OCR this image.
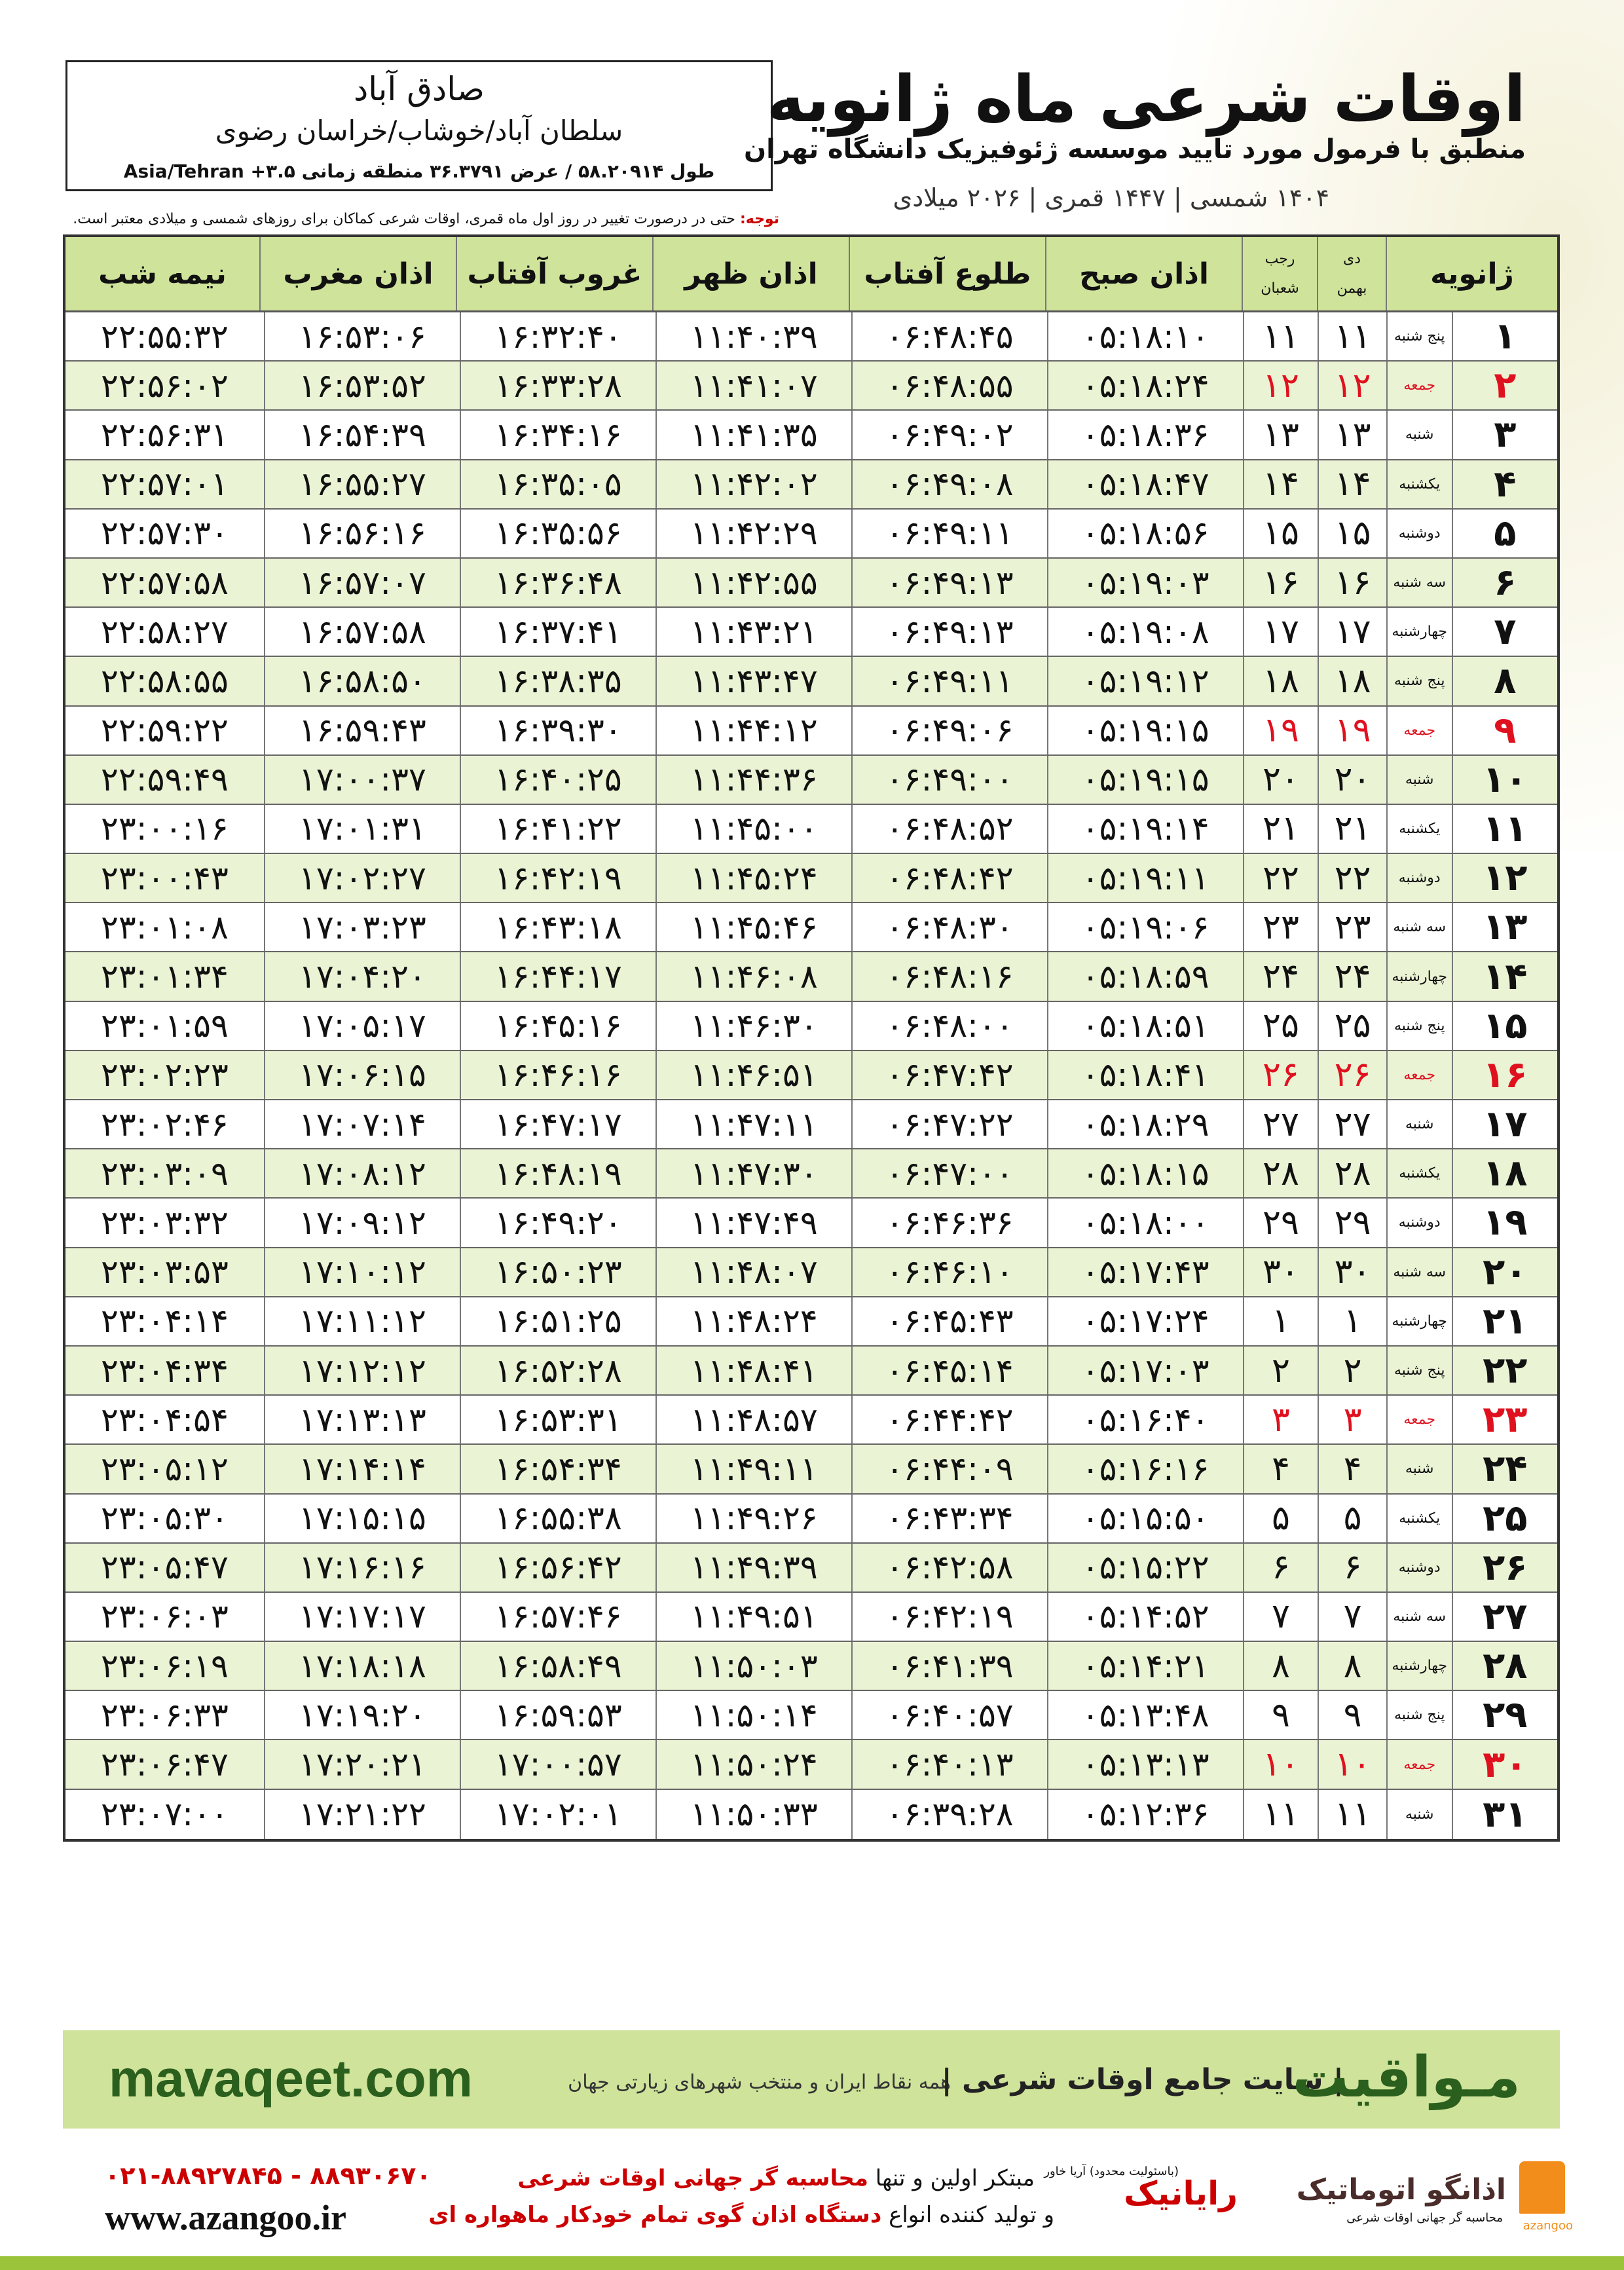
صادق آباد
سلطان آباد/خوشاب/خراسان رضوی
طول ۵۸.۲۰۹۱۴ / عرض ۳۶.۳۷۹۱ منطقه زمانی ۳.۵+ Asia/Tehran
اوقات شرعی ماه ژانویه
منطبق با فرمول مورد تایید موسسه ژئوفیزیک دانشگاه تهران
۱۴۰۴ شمسی | ۱۴۴۷ قمری | ۲۰۲۶ میلادی
توجه: حتی در درصورت تغییر در روز اول ماه قمری، اوقات شرعی کماکان برای روزهای شمسی و میلادی معتبر است.
ژانویه
دی
بهمن
رجب
شعبان
اذان صبح
طلوع آفتاب
اذان ظهر
غروب آفتاب
اذان مغرب
نیمه شب
۱
پنج شنبه
۱۱
۱۱
۰۵:۱۸:۱۰
۰۶:۴۸:۴۵
۱۱:۴۰:۳۹
۱۶:۳۲:۴۰
۱۶:۵۳:۰۶
۲۲:۵۵:۳۲
۲
جمعه
۱۲
۱۲
۰۵:۱۸:۲۴
۰۶:۴۸:۵۵
۱۱:۴۱:۰۷
۱۶:۳۳:۲۸
۱۶:۵۳:۵۲
۲۲:۵۶:۰۲
۳
شنبه
۱۳
۱۳
۰۵:۱۸:۳۶
۰۶:۴۹:۰۲
۱۱:۴۱:۳۵
۱۶:۳۴:۱۶
۱۶:۵۴:۳۹
۲۲:۵۶:۳۱
۴
یکشنبه
۱۴
۱۴
۰۵:۱۸:۴۷
۰۶:۴۹:۰۸
۱۱:۴۲:۰۲
۱۶:۳۵:۰۵
۱۶:۵۵:۲۷
۲۲:۵۷:۰۱
۵
دوشنبه
۱۵
۱۵
۰۵:۱۸:۵۶
۰۶:۴۹:۱۱
۱۱:۴۲:۲۹
۱۶:۳۵:۵۶
۱۶:۵۶:۱۶
۲۲:۵۷:۳۰
۶
سه شنبه
۱۶
۱۶
۰۵:۱۹:۰۳
۰۶:۴۹:۱۳
۱۱:۴۲:۵۵
۱۶:۳۶:۴۸
۱۶:۵۷:۰۷
۲۲:۵۷:۵۸
۷
چهارشنبه
۱۷
۱۷
۰۵:۱۹:۰۸
۰۶:۴۹:۱۳
۱۱:۴۳:۲۱
۱۶:۳۷:۴۱
۱۶:۵۷:۵۸
۲۲:۵۸:۲۷
۸
پنج شنبه
۱۸
۱۸
۰۵:۱۹:۱۲
۰۶:۴۹:۱۱
۱۱:۴۳:۴۷
۱۶:۳۸:۳۵
۱۶:۵۸:۵۰
۲۲:۵۸:۵۵
۹
جمعه
۱۹
۱۹
۰۵:۱۹:۱۵
۰۶:۴۹:۰۶
۱۱:۴۴:۱۲
۱۶:۳۹:۳۰
۱۶:۵۹:۴۳
۲۲:۵۹:۲۲
۱۰
شنبه
۲۰
۲۰
۰۵:۱۹:۱۵
۰۶:۴۹:۰۰
۱۱:۴۴:۳۶
۱۶:۴۰:۲۵
۱۷:۰۰:۳۷
۲۲:۵۹:۴۹
۱۱
یکشنبه
۲۱
۲۱
۰۵:۱۹:۱۴
۰۶:۴۸:۵۲
۱۱:۴۵:۰۰
۱۶:۴۱:۲۲
۱۷:۰۱:۳۱
۲۳:۰۰:۱۶
۱۲
دوشنبه
۲۲
۲۲
۰۵:۱۹:۱۱
۰۶:۴۸:۴۲
۱۱:۴۵:۲۴
۱۶:۴۲:۱۹
۱۷:۰۲:۲۷
۲۳:۰۰:۴۳
۱۳
سه شنبه
۲۳
۲۳
۰۵:۱۹:۰۶
۰۶:۴۸:۳۰
۱۱:۴۵:۴۶
۱۶:۴۳:۱۸
۱۷:۰۳:۲۳
۲۳:۰۱:۰۸
۱۴
چهارشنبه
۲۴
۲۴
۰۵:۱۸:۵۹
۰۶:۴۸:۱۶
۱۱:۴۶:۰۸
۱۶:۴۴:۱۷
۱۷:۰۴:۲۰
۲۳:۰۱:۳۴
۱۵
پنج شنبه
۲۵
۲۵
۰۵:۱۸:۵۱
۰۶:۴۸:۰۰
۱۱:۴۶:۳۰
۱۶:۴۵:۱۶
۱۷:۰۵:۱۷
۲۳:۰۱:۵۹
۱۶
جمعه
۲۶
۲۶
۰۵:۱۸:۴۱
۰۶:۴۷:۴۲
۱۱:۴۶:۵۱
۱۶:۴۶:۱۶
۱۷:۰۶:۱۵
۲۳:۰۲:۲۳
۱۷
شنبه
۲۷
۲۷
۰۵:۱۸:۲۹
۰۶:۴۷:۲۲
۱۱:۴۷:۱۱
۱۶:۴۷:۱۷
۱۷:۰۷:۱۴
۲۳:۰۲:۴۶
۱۸
یکشنبه
۲۸
۲۸
۰۵:۱۸:۱۵
۰۶:۴۷:۰۰
۱۱:۴۷:۳۰
۱۶:۴۸:۱۹
۱۷:۰۸:۱۲
۲۳:۰۳:۰۹
۱۹
دوشنبه
۲۹
۲۹
۰۵:۱۸:۰۰
۰۶:۴۶:۳۶
۱۱:۴۷:۴۹
۱۶:۴۹:۲۰
۱۷:۰۹:۱۲
۲۳:۰۳:۳۲
۲۰
سه شنبه
۳۰
۳۰
۰۵:۱۷:۴۳
۰۶:۴۶:۱۰
۱۱:۴۸:۰۷
۱۶:۵۰:۲۳
۱۷:۱۰:۱۲
۲۳:۰۳:۵۳
۲۱
چهارشنبه
۱
۱
۰۵:۱۷:۲۴
۰۶:۴۵:۴۳
۱۱:۴۸:۲۴
۱۶:۵۱:۲۵
۱۷:۱۱:۱۲
۲۳:۰۴:۱۴
۲۲
پنج شنبه
۲
۲
۰۵:۱۷:۰۳
۰۶:۴۵:۱۴
۱۱:۴۸:۴۱
۱۶:۵۲:۲۸
۱۷:۱۲:۱۲
۲۳:۰۴:۳۴
۲۳
جمعه
۳
۳
۰۵:۱۶:۴۰
۰۶:۴۴:۴۲
۱۱:۴۸:۵۷
۱۶:۵۳:۳۱
۱۷:۱۳:۱۳
۲۳:۰۴:۵۴
۲۴
شنبه
۴
۴
۰۵:۱۶:۱۶
۰۶:۴۴:۰۹
۱۱:۴۹:۱۱
۱۶:۵۴:۳۴
۱۷:۱۴:۱۴
۲۳:۰۵:۱۲
۲۵
یکشنبه
۵
۵
۰۵:۱۵:۵۰
۰۶:۴۳:۳۴
۱۱:۴۹:۲۶
۱۶:۵۵:۳۸
۱۷:۱۵:۱۵
۲۳:۰۵:۳۰
۲۶
دوشنبه
۶
۶
۰۵:۱۵:۲۲
۰۶:۴۲:۵۸
۱۱:۴۹:۳۹
۱۶:۵۶:۴۲
۱۷:۱۶:۱۶
۲۳:۰۵:۴۷
۲۷
سه شنبه
۷
۷
۰۵:۱۴:۵۲
۰۶:۴۲:۱۹
۱۱:۴۹:۵۱
۱۶:۵۷:۴۶
۱۷:۱۷:۱۷
۲۳:۰۶:۰۳
۲۸
چهارشنبه
۸
۸
۰۵:۱۴:۲۱
۰۶:۴۱:۳۹
۱۱:۵۰:۰۳
۱۶:۵۸:۴۹
۱۷:۱۸:۱۸
۲۳:۰۶:۱۹
۲۹
پنج شنبه
۹
۹
۰۵:۱۳:۴۸
۰۶:۴۰:۵۷
۱۱:۵۰:۱۴
۱۶:۵۹:۵۳
۱۷:۱۹:۲۰
۲۳:۰۶:۳۳
۳۰
جمعه
۱۰
۱۰
۰۵:۱۳:۱۳
۰۶:۴۰:۱۳
۱۱:۵۰:۲۴
۱۷:۰۰:۵۷
۱۷:۲۰:۲۱
۲۳:۰۶:۴۷
۳۱
شنبه
۱۱
۱۱
۰۵:۱۲:۳۶
۰۶:۳۹:۲۸
۱۱:۵۰:۳۳
۱۷:۰۲:۰۱
۱۷:۲۱:۲۲
۲۳:۰۷:۰۰
mavaqeet.com	همه نقاط ایران و منتخب شهرهای زیارتی جهان
| سایت جامع اوقات شرعی |
مـواقیت
۰۲۱-۸۸۹۲۷۸۴۵ - ۸۸۹۳۰۶۷۰
www.azangoo.ir
مبتکر اولین و تنها محاسبه گر جهانی اوقات شرعی
و تولید کننده انواع دستگاه اذان گوی تمام خودکار ماهواره ای
(باسئولیت محدود) آریا خاور
رایانیک اذانگو اتوماتیک
محاسبه گر جهانی اوقات شرعی
azangoo
